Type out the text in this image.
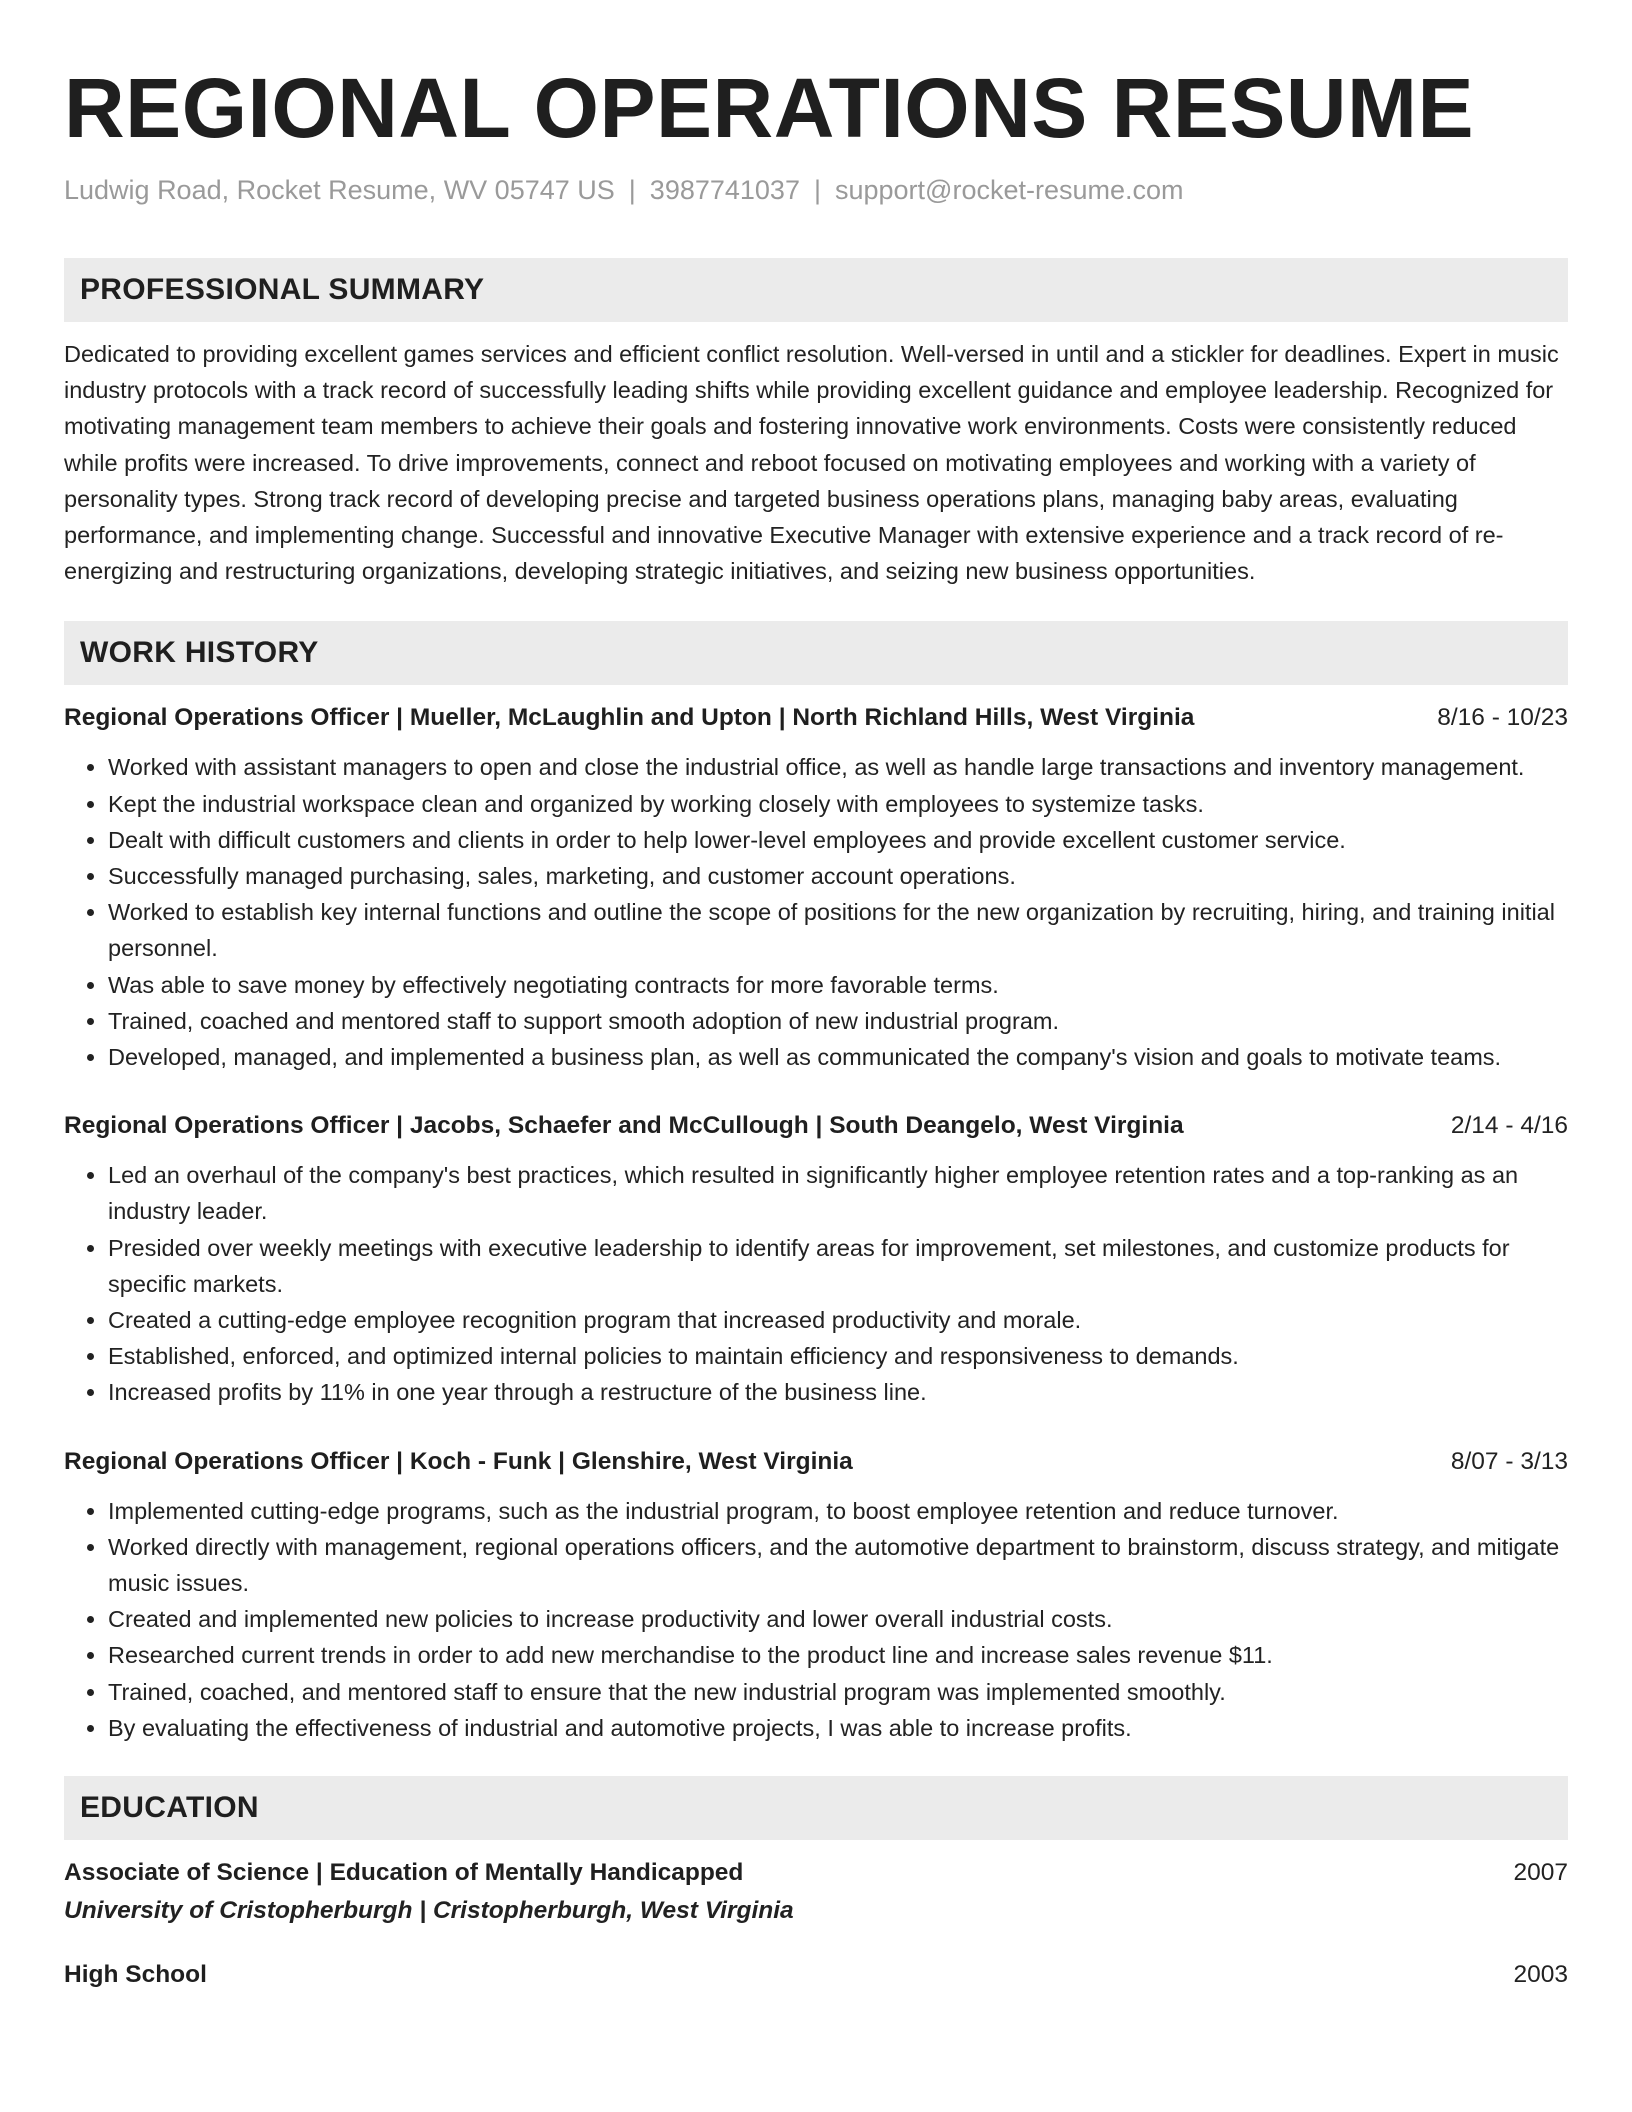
REGIONAL OPERATIONS RESUME
Ludwig Road, Rocket Resume, WV 05747 US | 3987741037 | support@rocket-resume.com
PROFESSIONAL SUMMARY
Dedicated to providing excellent games services and efficient conflict resolution. Well-versed in until and a stickler for deadlines. Expert in music industry protocols with a track record of successfully leading shifts while providing excellent guidance and employee leadership. Recognized for motivating management team members to achieve their goals and fostering innovative work environments. Costs were consistently reduced while profits were increased. To drive improvements, connect and reboot focused on motivating employees and working with a variety of personality types. Strong track record of developing precise and targeted business operations plans, managing baby areas, evaluating performance, and implementing change. Successful and innovative Executive Manager with extensive experience and a track record of re-energizing and restructuring organizations, developing strategic initiatives, and seizing new business opportunities.
WORK HISTORY
Regional Operations Officer | Mueller, McLaughlin and Upton | North Richland Hills, West Virginia	8/16 - 10/23
• Worked with assistant managers to open and close the industrial office, as well as handle large transactions and inventory management.
• Kept the industrial workspace clean and organized by working closely with employees to systemize tasks.
• Dealt with difficult customers and clients in order to help lower-level employees and provide excellent customer service.
• Successfully managed purchasing, sales, marketing, and customer account operations.
• Worked to establish key internal functions and outline the scope of positions for the new organization by recruiting, hiring, and training initial personnel.
• Was able to save money by effectively negotiating contracts for more favorable terms.
• Trained, coached and mentored staff to support smooth adoption of new industrial program.
• Developed, managed, and implemented a business plan, as well as communicated the company's vision and goals to motivate teams.
Regional Operations Officer | Jacobs, Schaefer and McCullough | South Deangelo, West Virginia	2/14 - 4/16
• Led an overhaul of the company's best practices, which resulted in significantly higher employee retention rates and a top-ranking as an industry leader.
• Presided over weekly meetings with executive leadership to identify areas for improvement, set milestones, and customize products for specific markets.
• Created a cutting-edge employee recognition program that increased productivity and morale.
• Established, enforced, and optimized internal policies to maintain efficiency and responsiveness to demands.
• Increased profits by 11% in one year through a restructure of the business line.
Regional Operations Officer | Koch - Funk | Glenshire, West Virginia	8/07 - 3/13
• Implemented cutting-edge programs, such as the industrial program, to boost employee retention and reduce turnover.
• Worked directly with management, regional operations officers, and the automotive department to brainstorm, discuss strategy, and mitigate music issues.
• Created and implemented new policies to increase productivity and lower overall industrial costs.
• Researched current trends in order to add new merchandise to the product line and increase sales revenue $11.
• Trained, coached, and mentored staff to ensure that the new industrial program was implemented smoothly.
• By evaluating the effectiveness of industrial and automotive projects, I was able to increase profits.
EDUCATION
Associate of Science | Education of Mentally Handicapped	2007
University of Cristopherburgh | Cristopherburgh, West Virginia
High School	2003
